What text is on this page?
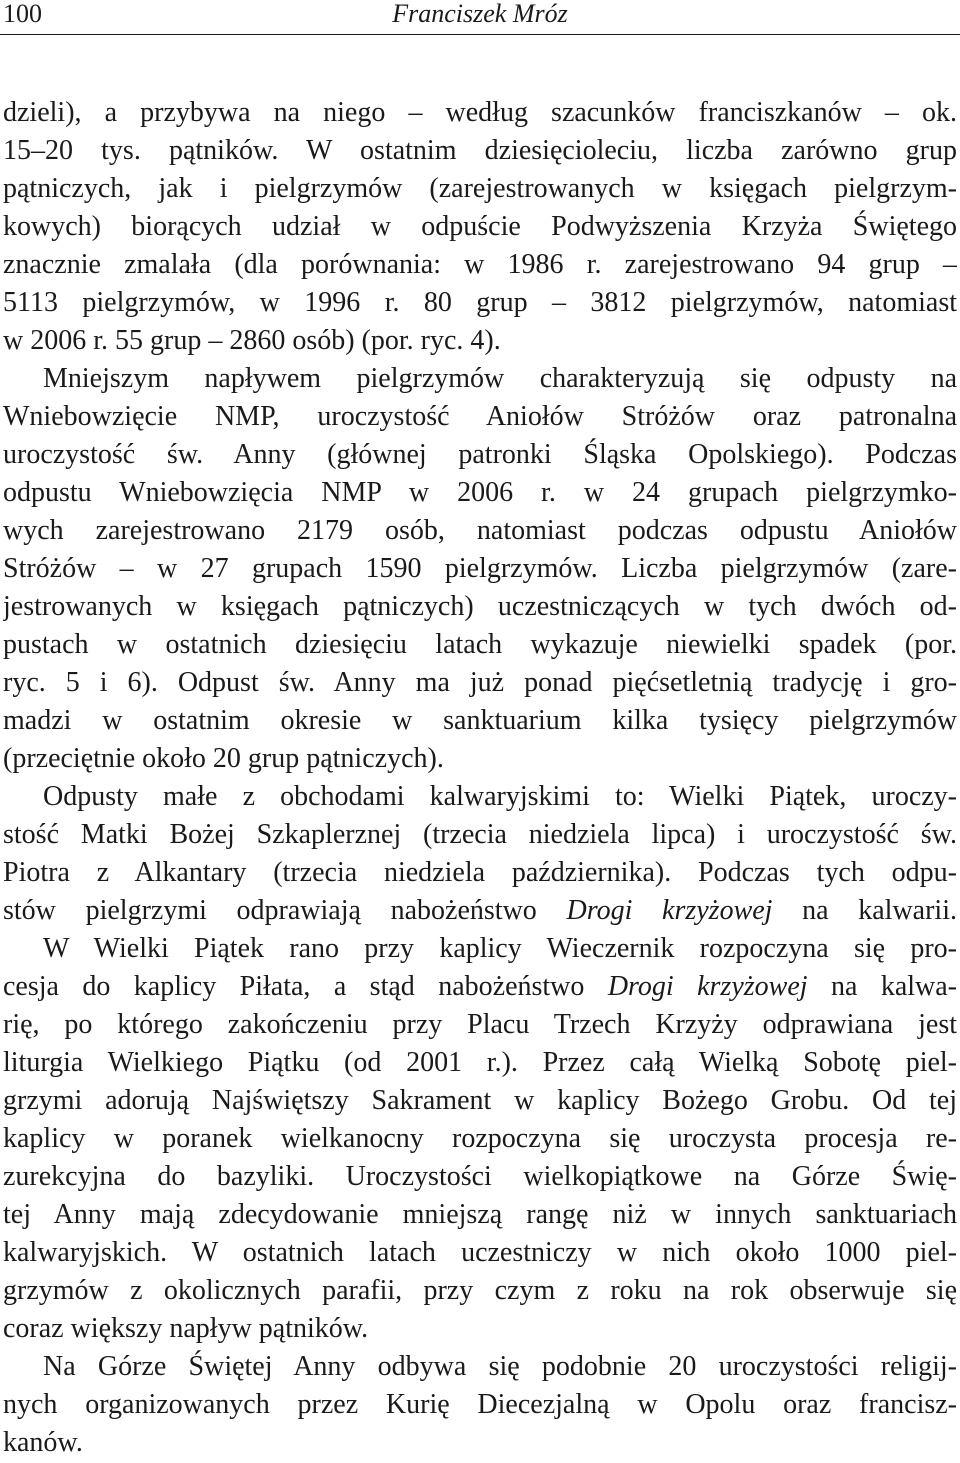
100	Franciszek Mróz
dzieli), a przybywa na niego – według szacunków franciszkanów – ok.
15–20 tys. pątników. W ostatnim dziesięcioleciu, liczba zarówno grup
pątniczych, jak i pielgrzymów (zarejestrowanych w księgach pielgrzym-
kowych) biorących udział w odpuście Podwyższenia Krzyża Świętego
znacznie zmalała (dla porównania: w 1986 r. zarejestrowano 94 grup –
5113 pielgrzymów, w 1996 r. 80 grup – 3812 pielgrzymów, natomiast
w 2006 r. 55 grup – 2860 osób) (por. ryc. 4).
Mniejszym napływem pielgrzymów charakteryzują się odpusty na
Wniebowzięcie NMP, uroczystość Aniołów Stróżów oraz patronalna
uroczystość św. Anny (głównej patronki Śląska Opolskiego). Podczas
odpustu Wniebowzięcia NMP w 2006 r. w 24 grupach pielgrzymko-
wych zarejestrowano 2179 osób, natomiast podczas odpustu Aniołów
Stróżów – w 27 grupach 1590 pielgrzymów. Liczba pielgrzymów (zare-
jestrowanych w księgach pątniczych) uczestniczących w tych dwóch od-
pustach w ostatnich dziesięciu latach wykazuje niewielki spadek (por.
ryc. 5 i 6). Odpust św. Anny ma już ponad pięćsetletnią tradycję i gro-
madzi w ostatnim okresie w sanktuarium kilka tysięcy pielgrzymów
(przeciętnie około 20 grup pątniczych).
Odpusty małe z obchodami kalwaryjskimi to: Wielki Piątek, uroczy-
stość Matki Bożej Szkaplerznej (trzecia niedziela lipca) i uroczystość św.
Piotra z Alkantary (trzecia niedziela października). Podczas tych odpu-
stów pielgrzymi odprawiają nabożeństwo Drogi krzyżowej na kalwarii.
W Wielki Piątek rano przy kaplicy Wieczernik rozpoczyna się pro-
cesja do kaplicy Piłata, a stąd nabożeństwo Drogi krzyżowej na kalwa-
rię, po którego zakończeniu przy Placu Trzech Krzyży odprawiana jest
liturgia Wielkiego Piątku (od 2001 r.). Przez całą Wielką Sobotę piel-
grzymi adorują Najświętszy Sakrament w kaplicy Bożego Grobu. Od tej
kaplicy w poranek wielkanocny rozpoczyna się uroczysta procesja re-
zurekcyjna do bazyliki. Uroczystości wielkopiątkowe na Górze Świę-
tej Anny mają zdecydowanie mniejszą rangę niż w innych sanktuariach
kalwaryjskich. W ostatnich latach uczestniczy w nich około 1000 piel-
grzymów z okolicznych parafii, przy czym z roku na rok obserwuje się
coraz większy napływ pątników.
Na Górze Świętej Anny odbywa się podobnie 20 uroczystości religij-
nych organizowanych przez Kurię Diecezjalną w Opolu oraz francisz-
kanów.
